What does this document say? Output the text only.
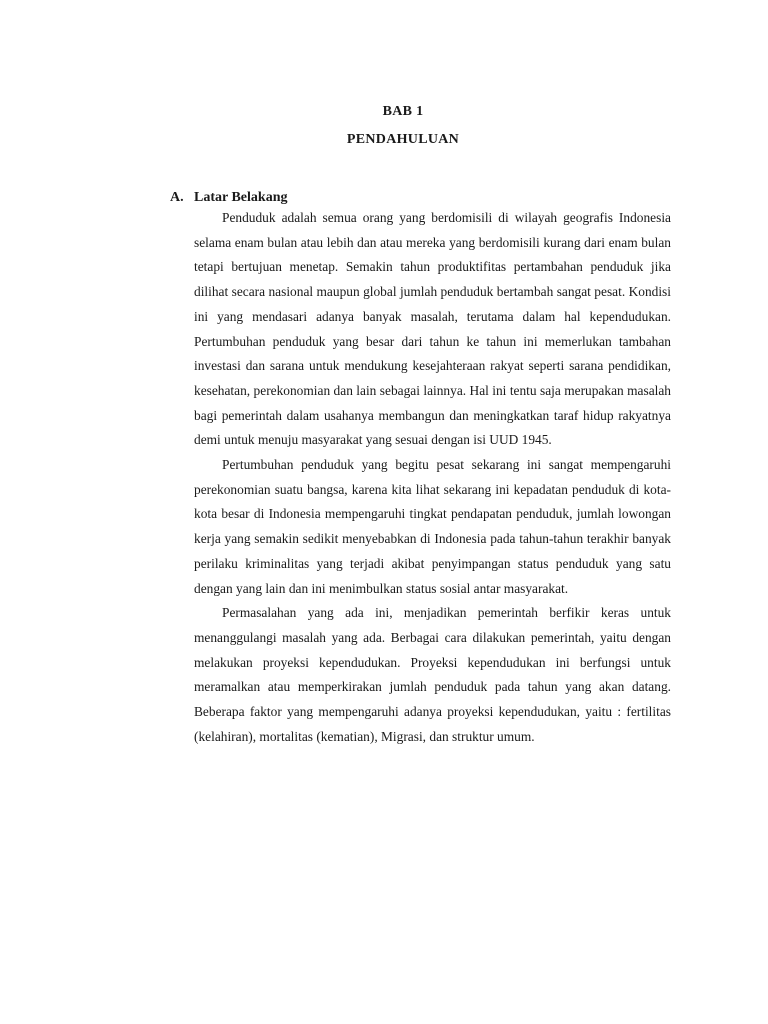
BAB 1
PENDAHULUAN
A. Latar Belakang

Penduduk adalah semua orang yang berdomisili di wilayah geografis Indonesia selama enam bulan atau lebih dan atau mereka yang berdomisili kurang dari enam bulan tetapi bertujuan menetap. Semakin tahun produktifitas pertambahan penduduk jika dilihat secara nasional maupun global jumlah penduduk bertambah sangat pesat. Kondisi ini yang mendasari adanya banyak masalah, terutama dalam hal kependudukan. Pertumbuhan penduduk yang besar dari tahun ke tahun ini memerlukan tambahan investasi dan sarana untuk mendukung kesejahteraan rakyat seperti sarana pendidikan, kesehatan, perekonomian dan lain sebagai lainnya. Hal ini tentu saja merupakan masalah bagi pemerintah dalam usahanya membangun dan meningkatkan taraf hidup rakyatnya demi untuk menuju masyarakat yang sesuai dengan isi UUD 1945.

Pertumbuhan penduduk yang begitu pesat sekarang ini sangat mempengaruhi perekonomian suatu bangsa, karena kita lihat sekarang ini kepadatan penduduk di kota-kota besar di Indonesia mempengaruhi tingkat pendapatan penduduk, jumlah lowongan kerja yang semakin sedikit menyebabkan di Indonesia pada tahun-tahun terakhir banyak perilaku kriminalitas yang terjadi akibat penyimpangan status penduduk yang satu dengan yang lain dan ini menimbulkan status sosial antar masyarakat.

Permasalahan yang ada ini, menjadikan pemerintah berfikir keras untuk menanggulangi masalah yang ada. Berbagai cara dilakukan pemerintah, yaitu dengan melakukan proyeksi kependudukan. Proyeksi kependudukan ini berfungsi untuk meramalkan atau memperkirakan jumlah penduduk pada tahun yang akan datang. Beberapa faktor yang mempengaruhi adanya proyeksi kependudukan, yaitu : fertilitas (kelahiran), mortalitas (kematian), Migrasi, dan struktur umum.
